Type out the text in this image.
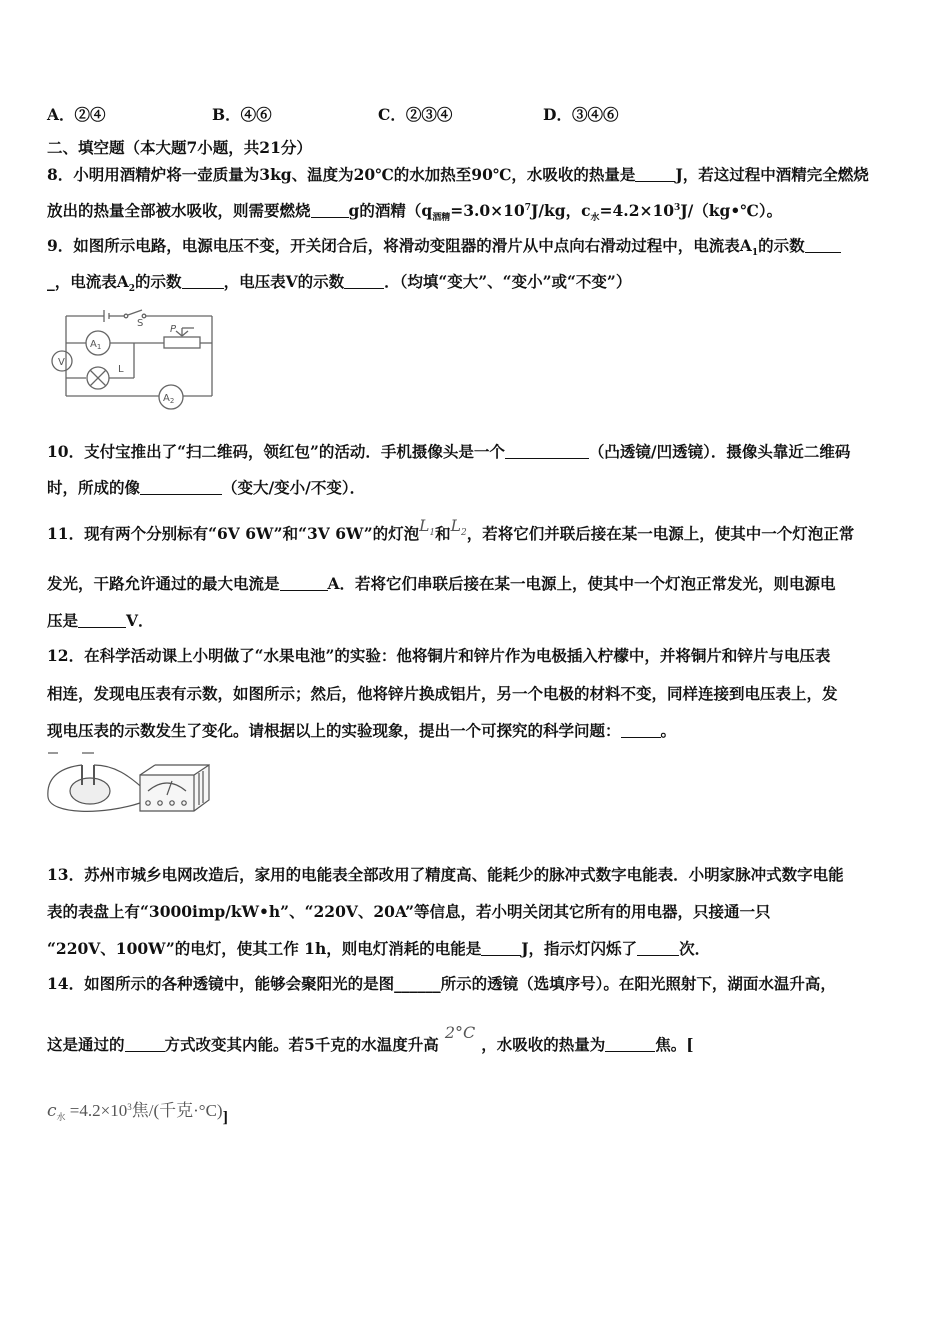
A．②④	B．④⑥	C．②③④	D．③④⑥
二、填空题（本大题7小题，共21分）
8．小明用酒精炉将一壶质量为3kg、温度为20℃的水加热至90℃，水吸收的热量是	J，若这过程中酒精完全燃烧
放出的热量全部被水吸收，则需要燃烧 g的酒精（$q_{酒精}=3.0\times 10^7J/kg$，$c_水=4.2\times 10^3J/(kg•℃)$。
9．如图所示电路，电源电压不变，开关闭合后，将滑动变阻器的滑片从中点向右滑动过程中，电流表$A_1$的示数
_，电流表$A_2$的示数	，电压表V的示数	．（均填“变大”、“变小”或“不变”）
S
P
$A_1$
V
L
$A_2$
10．支付宝推出了“扫二维码，领红包”的活动．手机摄像头是一个	（凸透镜/凹透镜）．摄像头靠近二维码
时，所成的像	（变大/变小/不变）．
11．现有两个分别标有“6V 6W”和“3V 6W”的灯泡$L_1$和$L_2$，若将它们并联后接在某一电源上，使其中一个灯泡正常
发光，干路允许通过的最大电流是	A．若将它们串联后接在某一电源上，使其中一个灯泡正常发光，则电源电
压是	V．
12．在科学活动课上小明做了“水果电池”的实验：他将铜片和锌片作为电极插入柠檬中，并将铜片和锌片与电压表
相连，发现电压表有示数，如图所示；然后，他将锌片换成铝片，另一个电极的材料不变，同样连接到电压表上，发
现电压表的示数发生了变化。请根据以上的实验现象，提出一个可探究的科学问题：	。
13．苏州市城乡电网改造后，家用的电能表全部改用了精度高、能耗少的脉冲式数字电能表．小明家脉冲式数字电能
表的表盘上有“3000imp/kW•h”、“220V、20A”等信息，若小明关闭其它所有的用电器，只接通一只
“220V、100W”的电灯，使其工作 1h，则电灯消耗的电能是	J，指示灯闪烁了	次．
14．如图所示的各种透镜中，能够会聚阳光的是图______所示的透镜（选填序号）。在阳光照射下，湖面水温升高，
这是通过的	方式改变其内能。若5千克的水温度升高2°C，水吸收的热量为	焦。[
$c_水 =4.2\times 10^3$焦/(千克·°C)]
